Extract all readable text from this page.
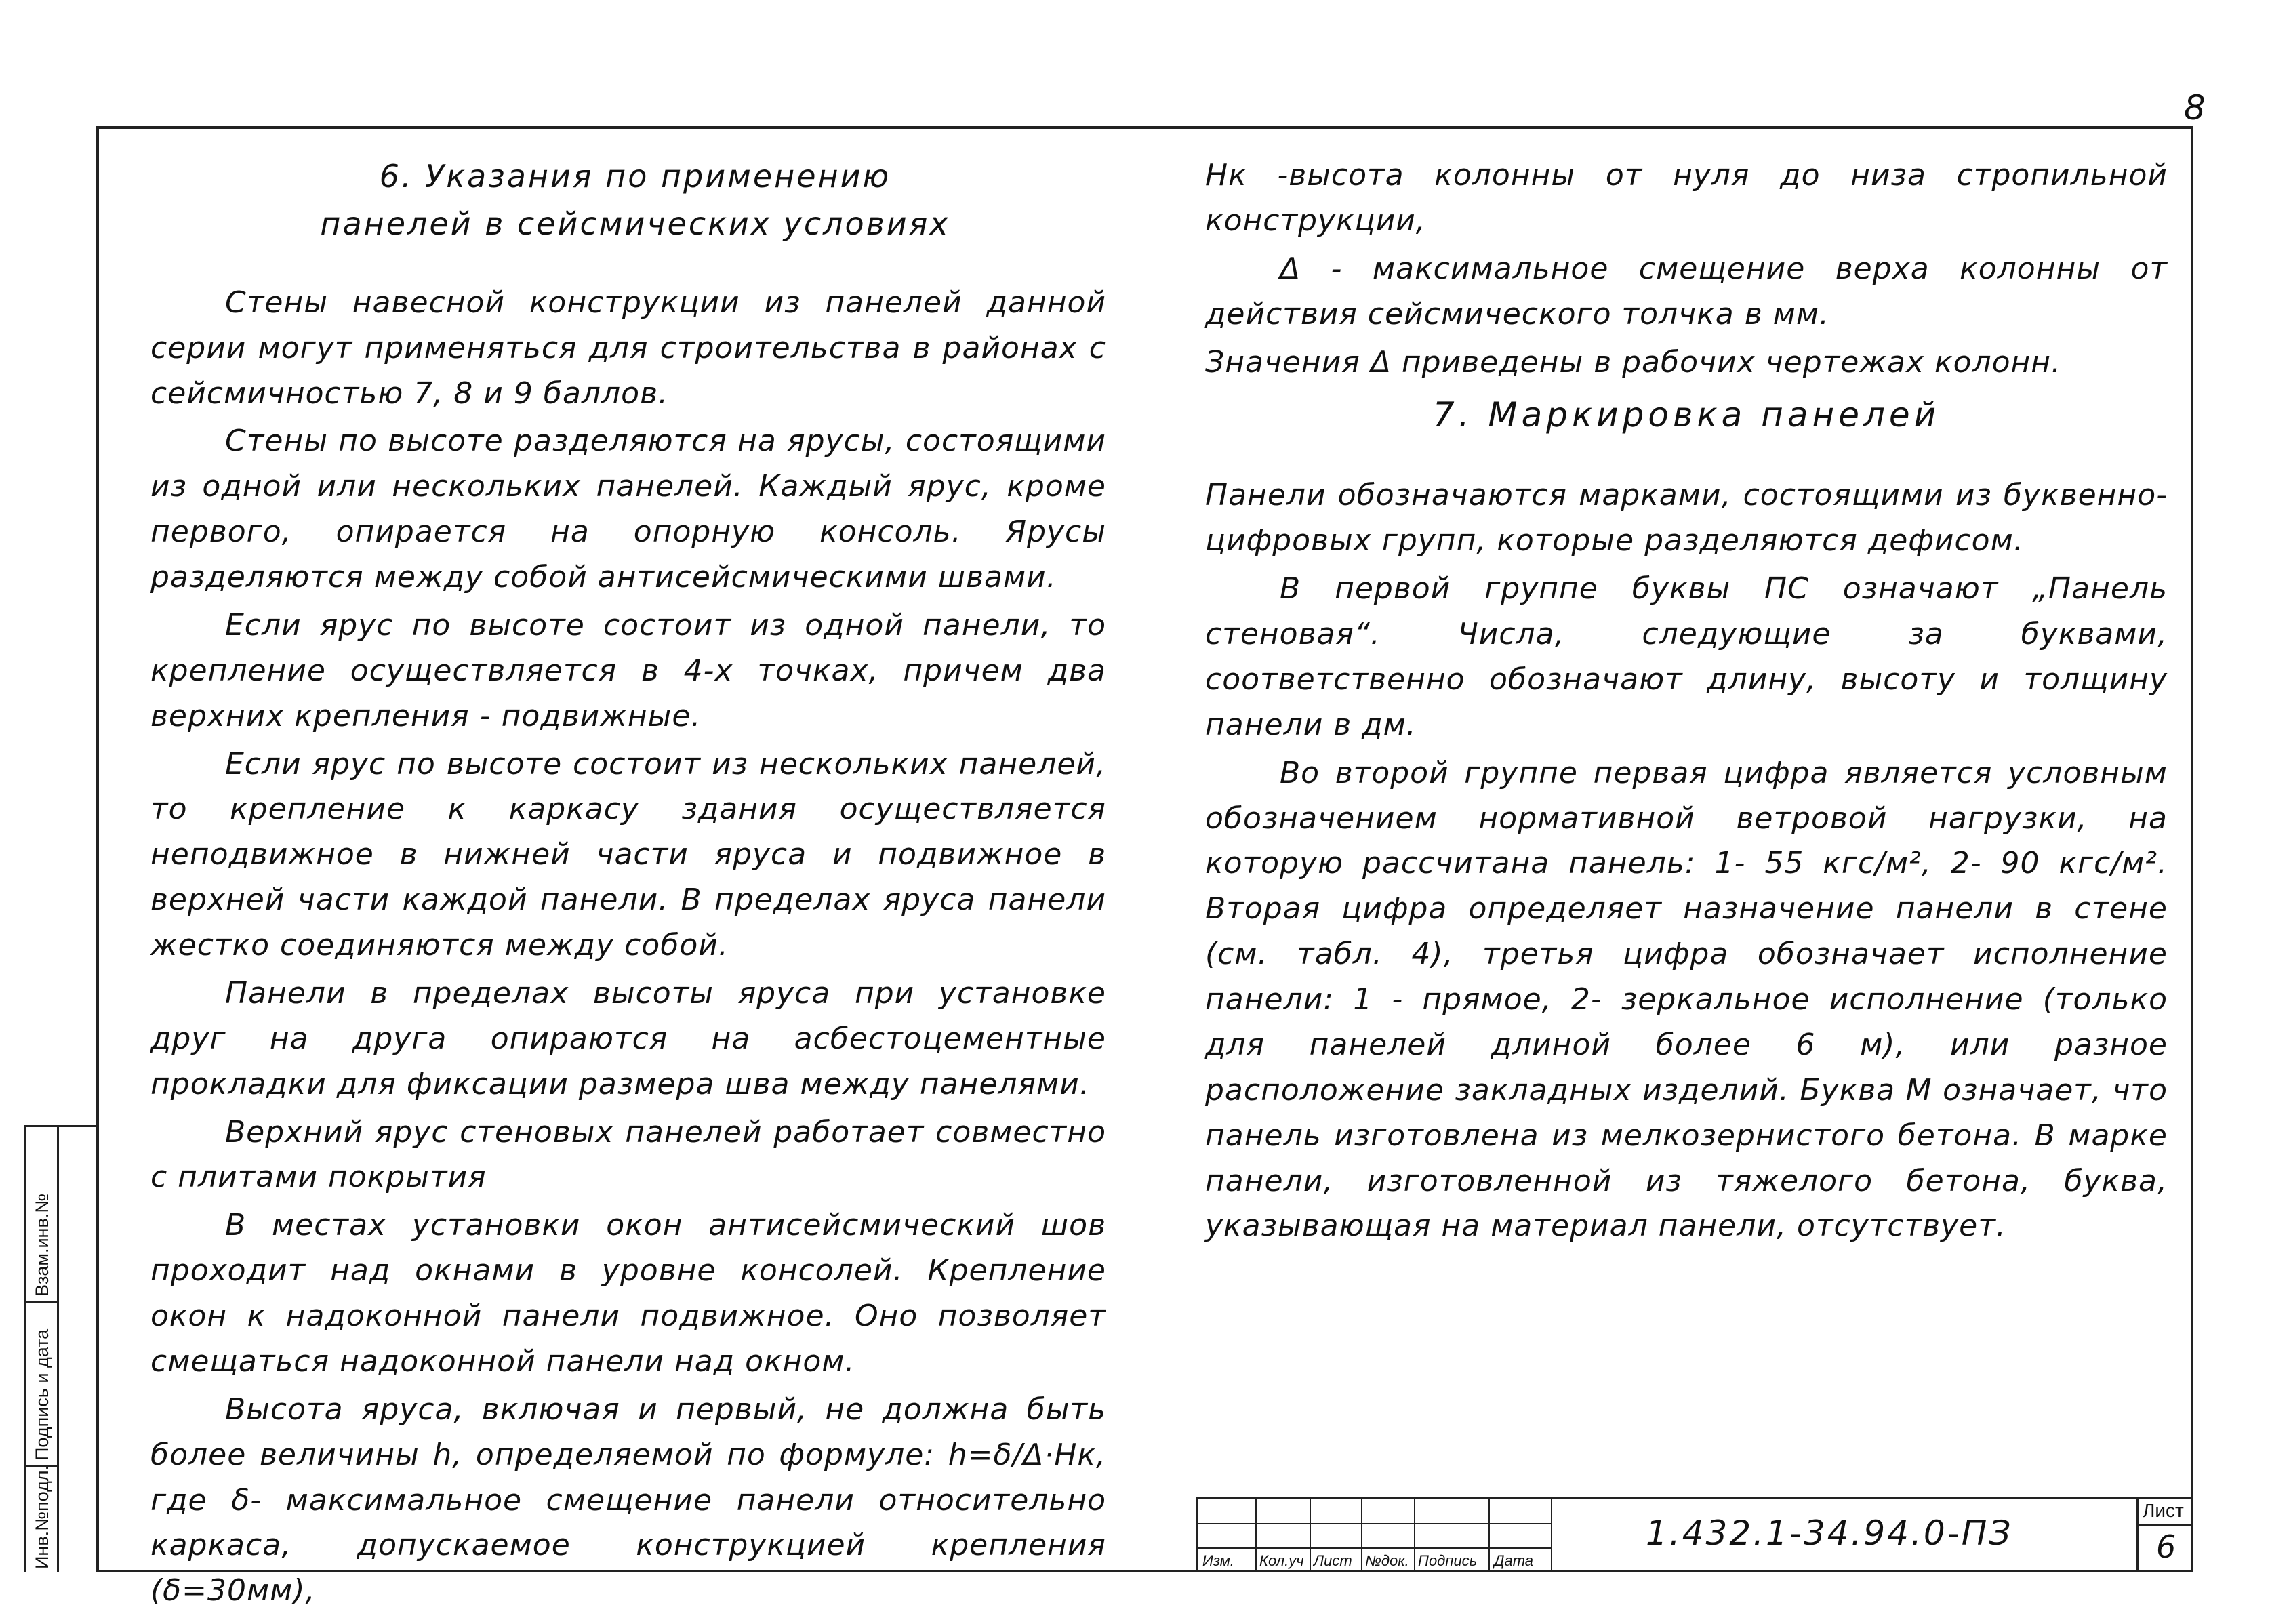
8
Инв.№подл.
Подпись и дата
Взам.инв.№
6. Указания по применению
панелей в сейсмических условиях

Стены навесной конструкции из панелей данной серии могут применяться для строительства в районах с сейсмичностью 7, 8 и 9 баллов.

Стены по высоте разделяются на ярусы, состоящими из одной или нескольких панелей. Каждый ярус, кроме первого, опирается на опорную консоль. Ярусы разделяются между собой антисейсмическими швами.

Если ярус по высоте состоит из одной панели, то крепление осуществляется в 4-х точках, причем два верхних крепления - подвижные.

Если ярус по высоте состоит из нескольких панелей, то крепление к каркасу здания осуществляется неподвижное в нижней части яруса и подвижное в верхней части каждой панели. В пределах яруса панели жестко соединяются между собой.

Панели в пределах высоты яруса при установке друг на друга опираются на асбестоцементные прокладки для фиксации размера шва между панелями.

Верхний ярус стеновых панелей работает совместно с плитами покрытия

В местах установки окон антисейсмический шов проходит над окнами в уровне консолей. Крепление окон к надоконной панели подвижное. Оно позволяет смещаться надоконной панели над окном.

Высота яруса, включая и первый, не должна быть более величины h, определяемой по формуле: h=δ/Δ·Hк, где δ- максимальное смещение панели относительно каркаса, допускаемое конструкцией крепления (δ=30мм),

Нк -высота колонны от нуля до низа стропильной конструкции,

Δ - максимальное смещение верха колонны от действия сейсмического толчка в мм.

Значения Δ приведены в рабочих чертежах колонн.

7. Маркировка панелей

Панели обозначаются марками, состоящими из буквенно-цифровых групп, которые разделяются дефисом.

В первой группе буквы ПС означают „Панель стеновая“. Числа, следующие за буквами, соответственно обозначают длину, высоту и толщину панели в дм.

Во второй группе первая цифра является условным обозначением нормативной ветровой нагрузки, на которую рассчитана панель: 1- 55 кгс/м², 2- 90 кгс/м². Вторая цифра определяет назначение панели в стене (см. табл. 4), третья цифра обозначает исполнение панели: 1 - прямое, 2- зеркальное исполнение (только для панелей длиной более 6 м), или разное расположение закладных изделий. Буква М означает, что панель изготовлена из мелкозернистого бетона. В марке панели, изготовленной из тяжелого бетона, буква, указывающая на материал панели, отсутствует.

Изм. Кол.уч Лист №док. Подпись Дата
1.432.1-34.94.0-ПЗ
Лист
6
